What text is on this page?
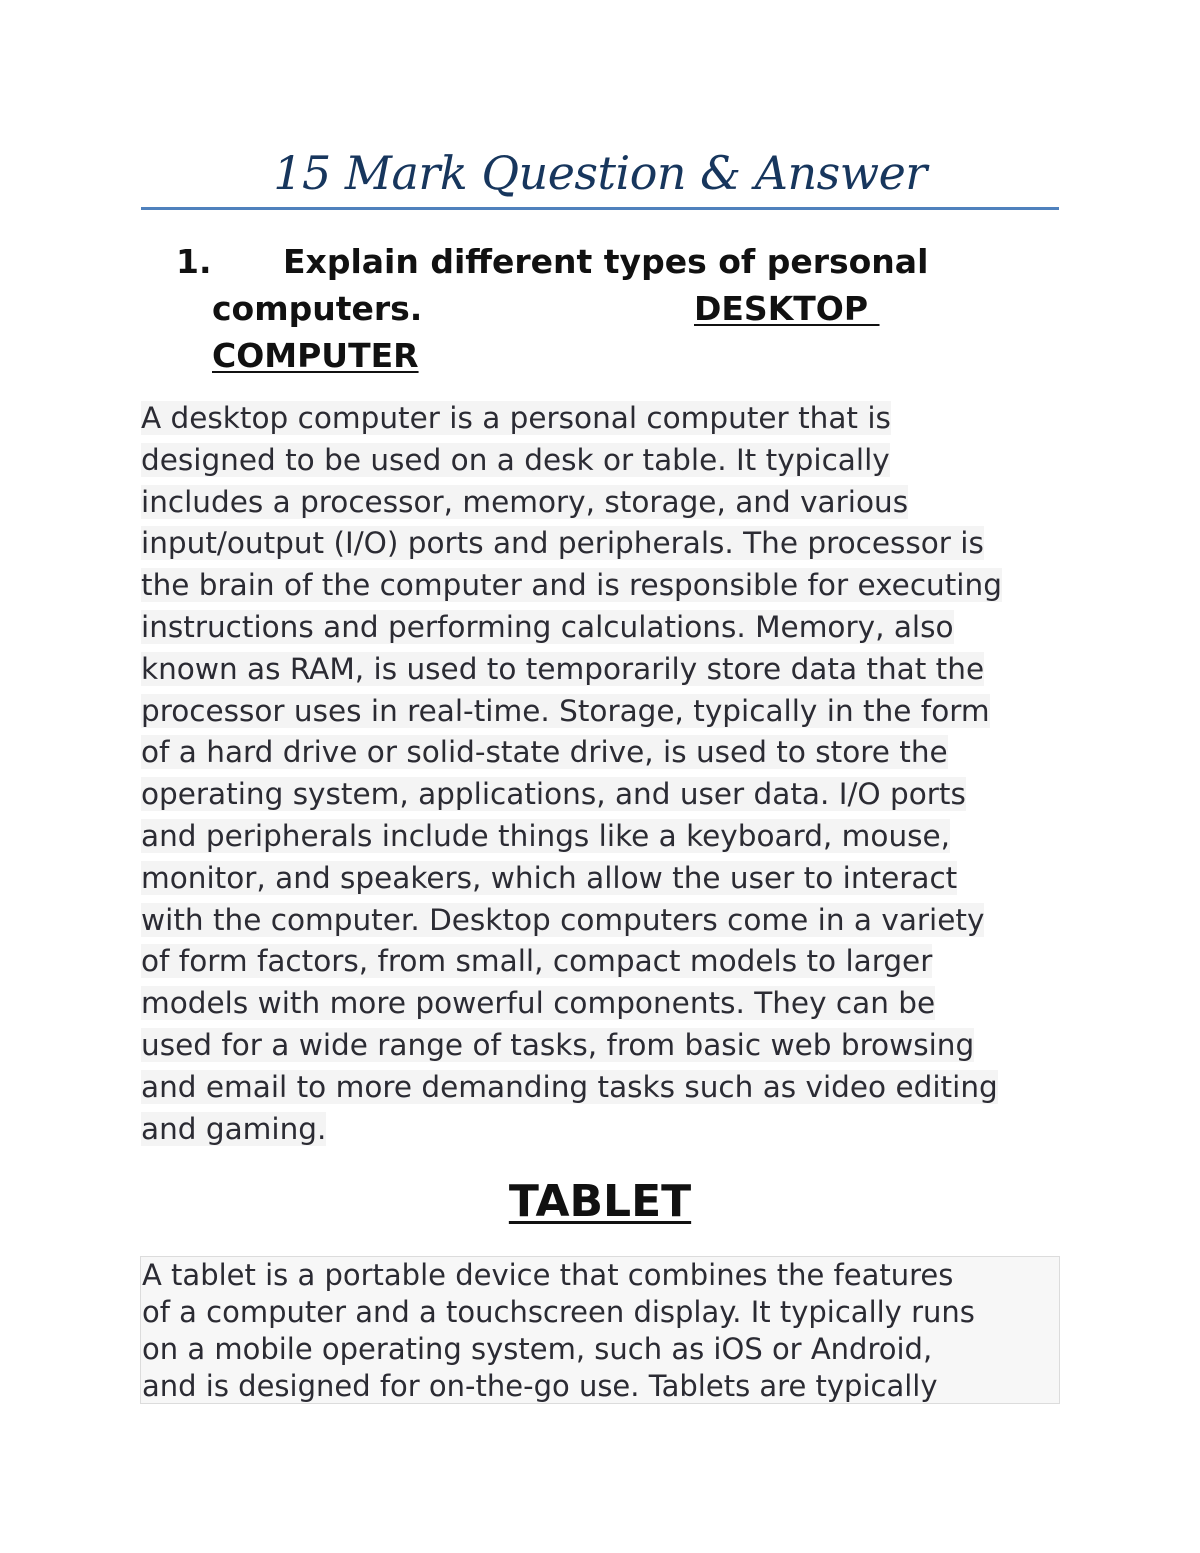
15 Mark Question & Answer
1. Explain different types of personal
computers.	DESKTOP
COMPUTER
A desktop computer is a personal computer that is
designed to be used on a desk or table. It typically
includes a processor, memory, storage, and various
input/output (I/O) ports and peripherals. The processor is
the brain of the computer and is responsible for executing
instructions and performing calculations. Memory, also
known as RAM, is used to temporarily store data that the
processor uses in real-time. Storage, typically in the form
of a hard drive or solid-state drive, is used to store the
operating system, applications, and user data. I/O ports
and peripherals include things like a keyboard, mouse,
monitor, and speakers, which allow the user to interact
with the computer. Desktop computers come in a variety
of form factors, from small, compact models to larger
models with more powerful components. They can be
used for a wide range of tasks, from basic web browsing
and email to more demanding tasks such as video editing
and gaming.
TABLET
A tablet is a portable device that combines the features
of a computer and a touchscreen display. It typically runs
on a mobile operating system, such as iOS or Android,
and is designed for on-the-go use. Tablets are typically
